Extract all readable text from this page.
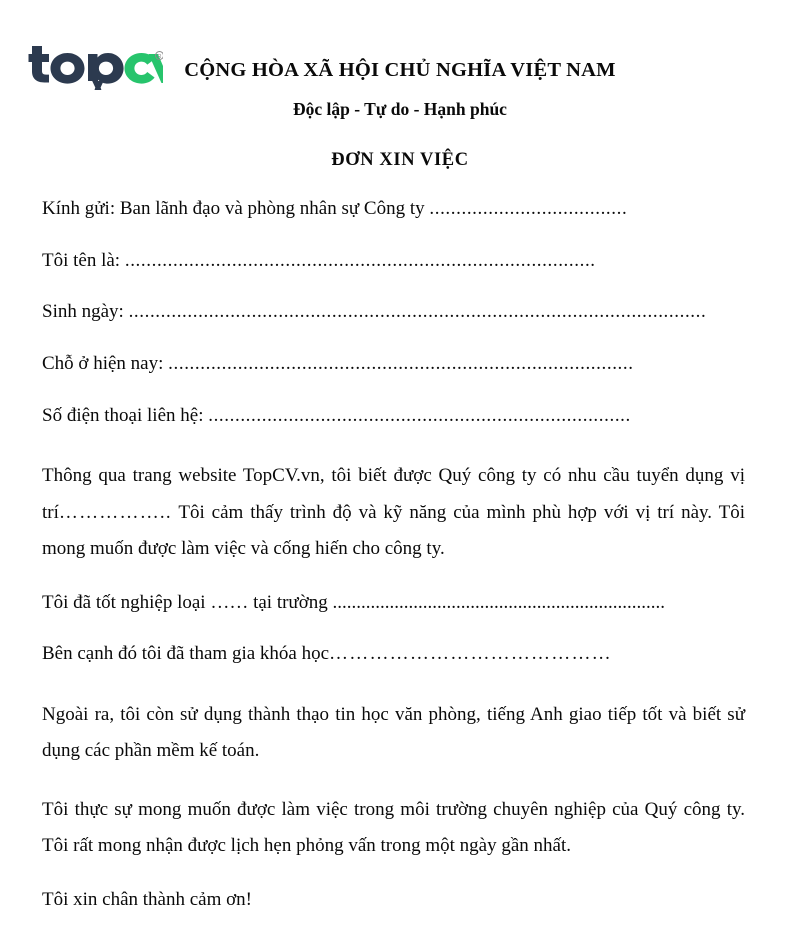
R
CỘNG HÒA XÃ HỘI CHỦ NGHĨA VIỆT NAM
Độc lập - Tự do - Hạnh phúc
ĐƠN XIN VIỆC
Kính gửi: Ban lãnh đạo và phòng nhân sự Công ty .....................................
Tôi tên là: ........................................................................................
Sinh ngày: ............................................................................................................
Chỗ ở hiện nay: .......................................................................................
Số điện thoại liên hệ: ...............................................................................

Thông qua trang website TopCV.vn, tôi biết được Quý công ty có nhu cầu tuyển dụng vị trí…………….. Tôi cảm thấy trình độ và kỹ năng của mình phù hợp với vị trí này. Tôi mong muốn được làm việc và cống hiến cho công ty.

Tôi đã tốt nghiệp loại …… tại trường ......................................................................
Bên cạnh đó tôi đã tham gia khóa học……………………………………

Ngoài ra, tôi còn sử dụng thành thạo tin học văn phòng, tiếng Anh giao tiếp tốt và biết sử dụng các phần mềm kế toán.

Tôi thực sự mong muốn được làm việc trong môi trường chuyên nghiệp của Quý công ty. Tôi rất mong nhận được lịch hẹn phỏng vấn trong một ngày gần nhất.

Tôi xin chân thành cảm ơn!
